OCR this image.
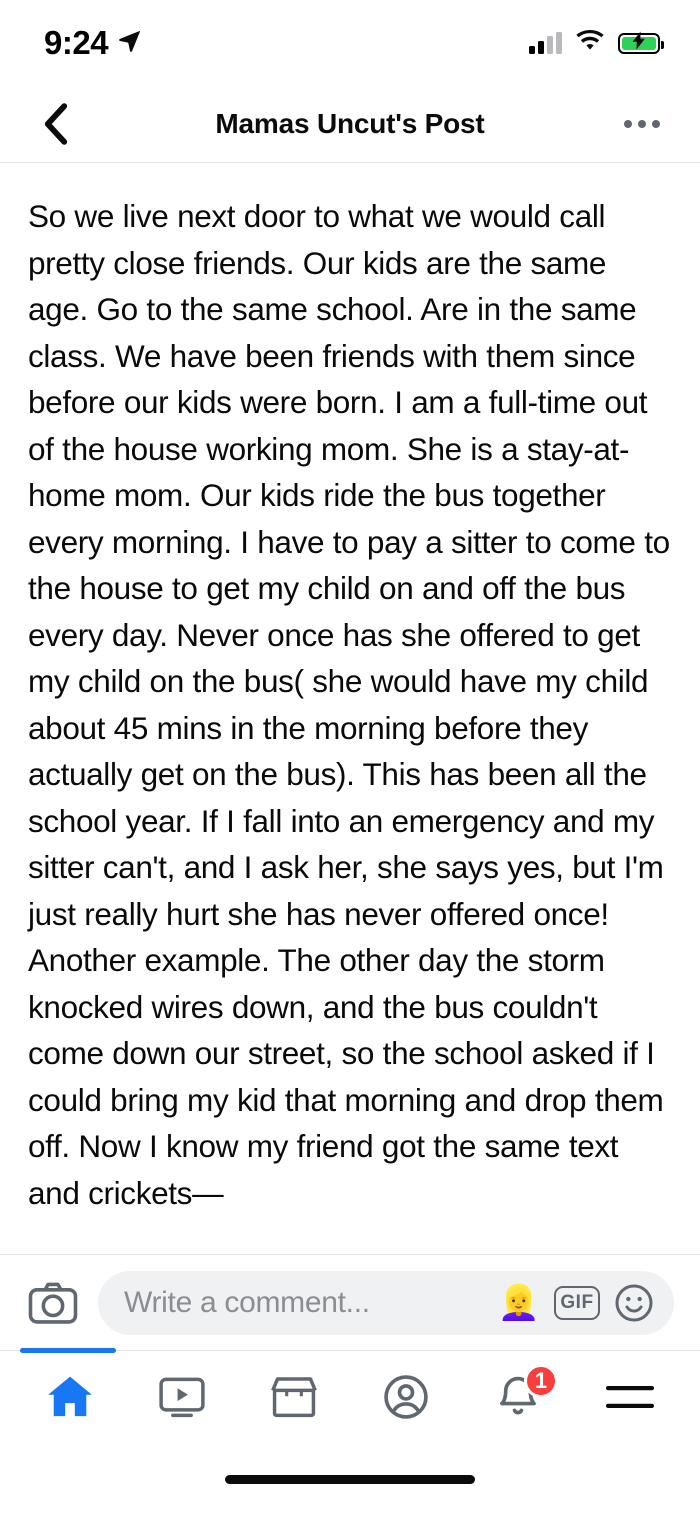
9:24
Mamas Uncut's Post
So we live next door to what we would call pretty close friends. Our kids are the same age. Go to the same school. Are in the same class. We have been friends with them since before our kids were born. I am a full-time out of the house working mom. She is a stay-at-home mom. Our kids ride the bus together every morning. I have to pay a sitter to come to the house to get my child on and off the bus every day. Never once has she offered to get my child on the bus( she would have my child about 45 mins in the morning before they actually get on the bus). This has been all the school year. If I fall into an emergency and my sitter can't, and I ask her, she says yes, but I'm just really hurt she has never offered once! Another example. The other day the storm knocked wires down, and the bus couldn't come down our street, so the school asked if I could bring my kid that morning and drop them off. Now I know my friend got the same text and crickets—
Write a comment...	👱‍♀️	GIF
1
